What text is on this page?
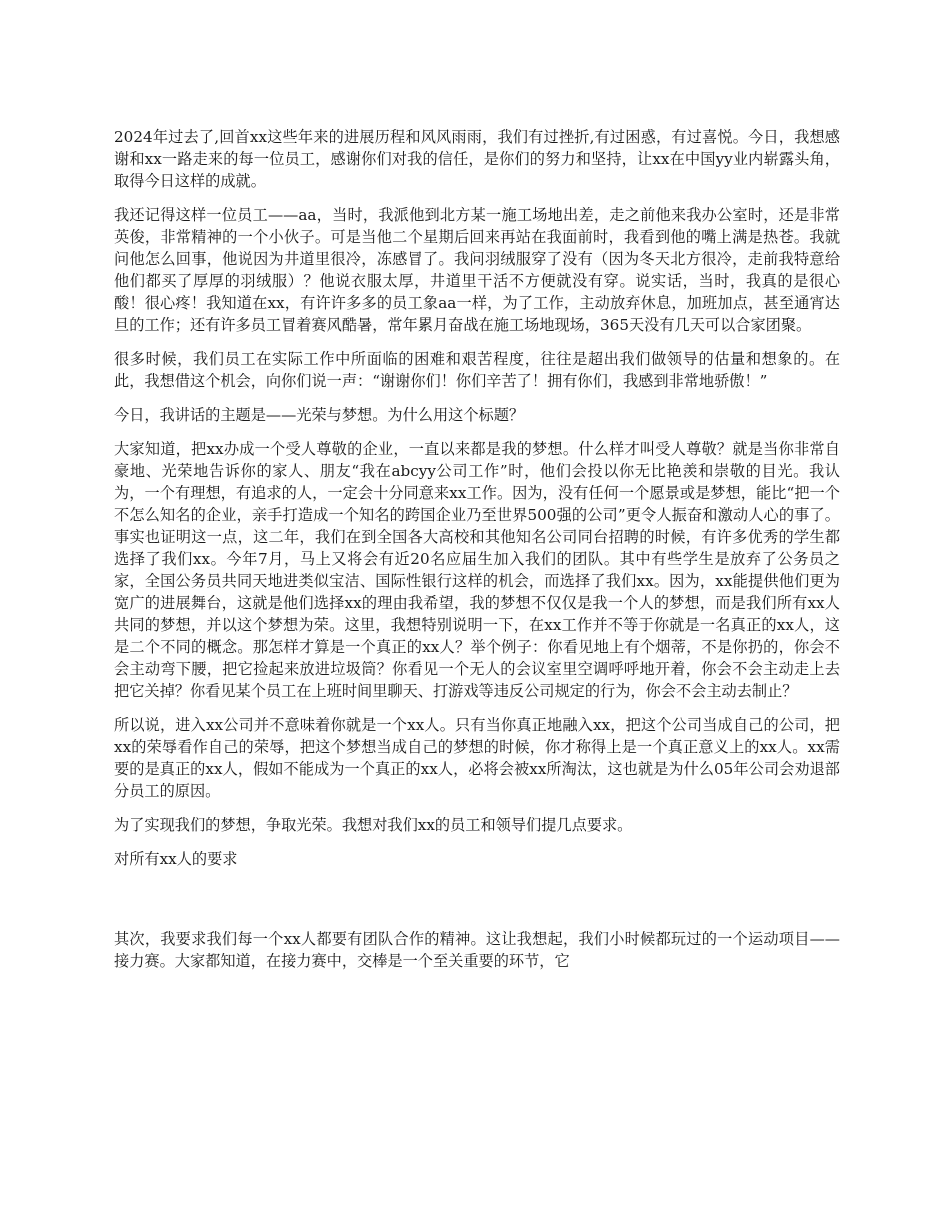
2024年过去了,回首xx这些年来的进展历程和风风雨雨，我们有过挫折,有过困惑，有过喜悦。今日，我想感谢和xx一路走来的每一位员工，感谢你们对我的信任，是你们的努力和坚持，让xx在中国yy业内崭露头角，取得今日这样的成就。

我还记得这样一位员工——aa，当时，我派他到北方某一施工场地出差，走之前他来我办公室时，还是非常英俊，非常精神的一个小伙子。可是当他二个星期后回来再站在我面前时，我看到他的嘴上满是热苍。我就问他怎么回事，他说因为井道里很冷，冻感冒了。我问羽绒服穿了没有（因为冬天北方很冷，走前我特意给他们都买了厚厚的羽绒服）？他说衣服太厚，井道里干活不方便就没有穿。说实话，当时，我真的是很心酸！很心疼！我知道在xx，有许许多多的员工象aa一样，为了工作，主动放弃休息，加班加点，甚至通宵达旦的工作；还有许多员工冒着赛风酷暑，常年累月奋战在施工场地现场，365天没有几天可以合家团聚。

很多时候，我们员工在实际工作中所面临的困难和艰苦程度，往往是超出我们做领导的估量和想象的。在此，我想借这个机会，向你们说一声：“谢谢你们！你们辛苦了！拥有你们，我感到非常地骄傲！”

今日，我讲话的主题是——光荣与梦想。为什么用这个标题？

大家知道，把xx办成一个受人尊敬的企业，一直以来都是我的梦想。什么样才叫受人尊敬？就是当你非常自豪地、光荣地告诉你的家人、朋友“我在abcyy公司工作”时，他们会投以你无比艳羡和崇敬的目光。我认为，一个有理想，有追求的人，一定会十分同意来xx工作。因为，没有任何一个愿景或是梦想，能比“把一个不怎么知名的企业，亲手打造成一个知名的跨国企业乃至世界500强的公司”更令人振奋和激动人心的事了。事实也证明这一点，这二年，我们在到全国各大高校和其他知名公司同台招聘的时候，有许多优秀的学生都选择了我们xx。今年7月，马上又将会有近20名应届生加入我们的团队。其中有些学生是放弃了公务员之家，全国公务员共同天地进类似宝洁、国际性银行这样的机会，而选择了我们xx。因为，xx能提供他们更为宽广的进展舞台，这就是他们选择xx的理由我希望，我的梦想不仅仅是我一个人的梦想，而是我们所有xx人共同的梦想，并以这个梦想为荣。这里，我想特别说明一下，在xx工作并不等于你就是一名真正的xx人，这是二个不同的概念。那怎样才算是一个真正的xx人？举个例子：你看见地上有个烟蒂，不是你扔的，你会不会主动弯下腰，把它捡起来放进垃圾筒？你看见一个无人的会议室里空调呼呼地开着，你会不会主动走上去把它关掉？你看见某个员工在上班时间里聊天、打游戏等违反公司规定的行为，你会不会主动去制止？

所以说，进入xx公司并不意味着你就是一个xx人。只有当你真正地融入xx，把这个公司当成自己的公司，把xx的荣辱看作自己的荣辱，把这个梦想当成自己的梦想的时候，你才称得上是一个真正意义上的xx人。xx需要的是真正的xx人，假如不能成为一个真正的xx人，必将会被xx所淘汰，这也就是为什么05年公司会劝退部分员工的原因。

为了实现我们的梦想，争取光荣。我想对我们xx的员工和领导们提几点要求。

对所有xx人的要求

其次，我要求我们每一个xx人都要有团队合作的精神。这让我想起，我们小时候都玩过的一个运动项目——接力赛。大家都知道，在接力赛中，交棒是一个至关重要的环节，它
